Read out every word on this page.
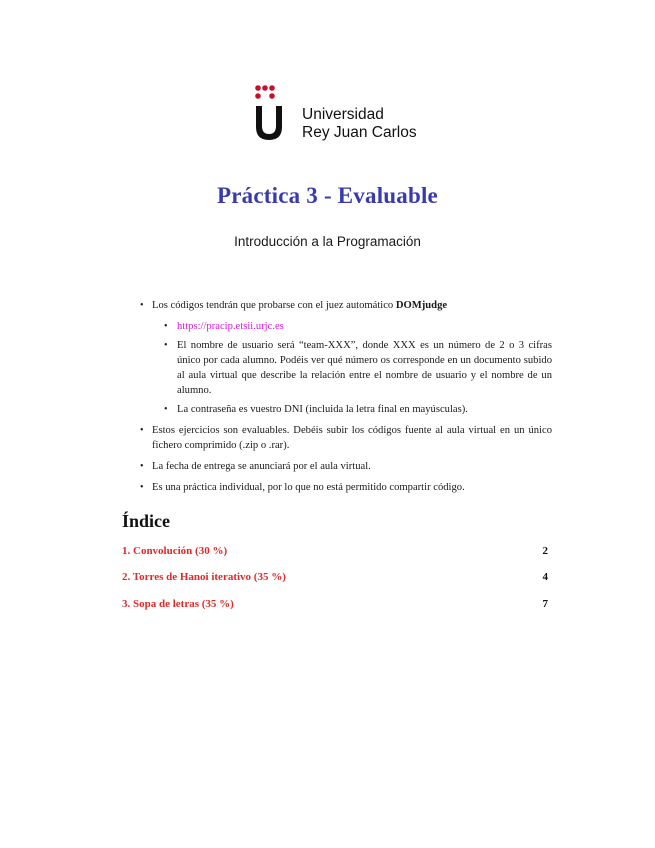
Universidad
Rey Juan Carlos
Práctica 3 - Evaluable
Introducción a la Programación
• Los códigos tendrán que probarse con el juez automático DOMjudge
• https://pracip.etsii.urjc.es
• El nombre de usuario será “team-XXX”, donde XXX es un número de 2 o 3 cifras único por cada alumno. Podéis ver qué número os corresponde en un documento subido al aula virtual que describe la relación entre el nombre de usuario y el nombre de un alumno.
• La contraseña es vuestro DNI (incluida la letra final en mayúsculas).
• Estos ejercicios son evaluables. Debéis subir los códigos fuente al aula virtual en un único fichero comprimido (.zip o .rar).
• La fecha de entrega se anunciará por el aula virtual.
• Es una práctica individual, por lo que no está permitido compartir código.
Índice
1. Convolución (30 %)	2
2. Torres de Hanoi iterativo (35 %)	4
3. Sopa de letras (35 %)	7
